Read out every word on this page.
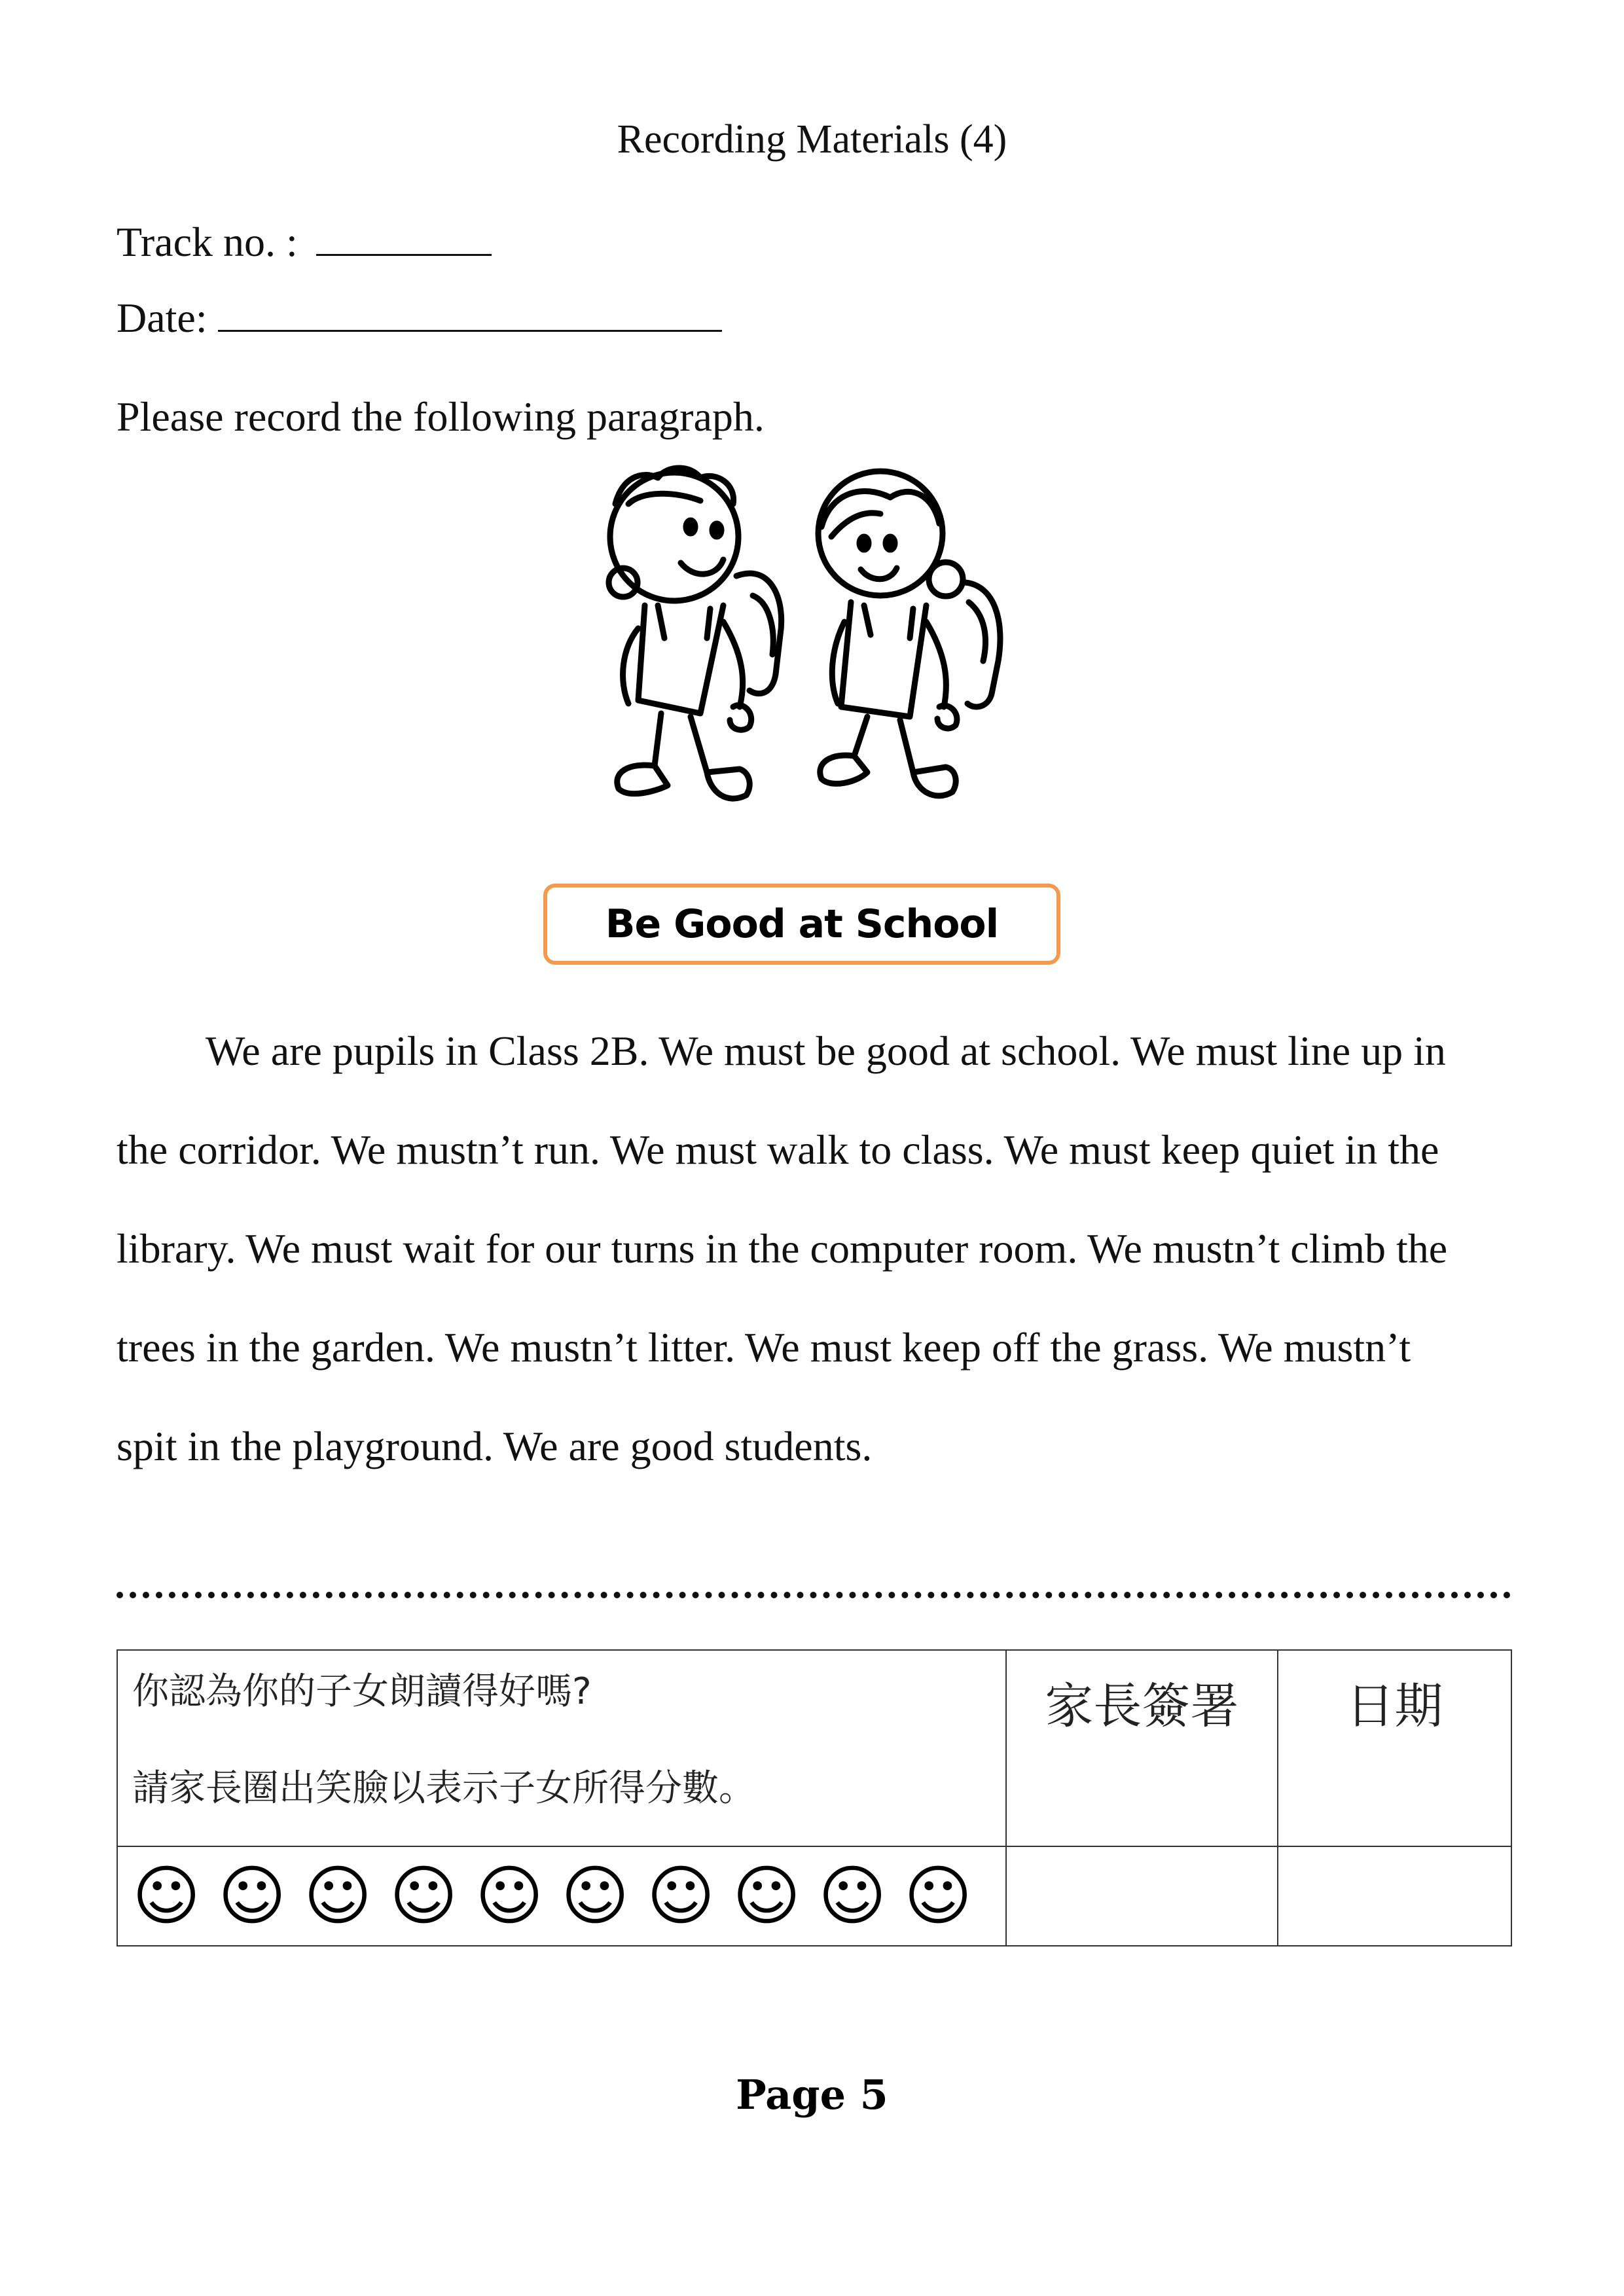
Recording Materials (4)
Track no. :
Date:
Please record the following paragraph.
Be Good at School
We are pupils in Class 2B. We must be good at school. We must line up in
the corridor. We mustn’t run. We must walk to class. We must keep quiet in the
library. We must wait for our turns in the computer room. We mustn’t climb the
trees in the garden. We mustn’t litter. We must keep off the grass. We mustn’t
spit in the playground. We are good students.
你認為你的子女朗讀得好嗎?
請家長圈出笑臉以表示子女所得分數。	家長簽署	日期
☺ ☺ ☺ ☺ ☺ ☺ ☺ ☺ ☺ ☺		
Page 5
